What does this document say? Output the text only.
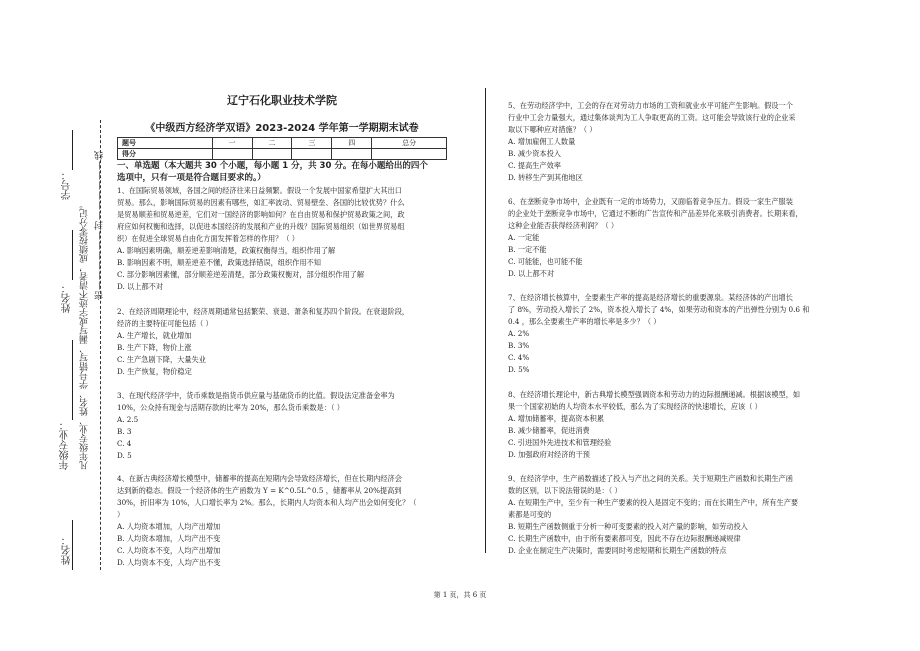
学号：
姓名：
年级专业： 凡年级专业、姓名、学号错写、漏写或字迹不清者，成绩按零分记。 密——————封——————线
姓名：
辽宁石化职业技术学院
《中级西方经济学双语》2023-2024 学年第一学期期末试卷
题号	一	二	三	四	总分
得分					
一、单选题（本大题共 30 个小题，每小题 1 分，共 30 分。在每小题给出的四个
选项中，只有一项是符合题目要求的。）

1、在国际贸易领域，各国之间的经济往来日益频繁。假设一个发展中国家希望扩大其出口

贸易。那么，影响国际贸易的因素有哪些，如汇率波动、贸易壁垒、各国的比较优势？什么

是贸易顺差和贸易逆差，它们对一国经济的影响如何？在自由贸易和保护贸易政策之间，政

府应如何权衡和选择，以促进本国经济的发展和产业的升级？国际贸易组织（如世界贸易组

织）在促进全球贸易自由化方面发挥着怎样的作用？（ ）

A. 影响因素明确，顺差逆差影响清楚，政策权衡得当，组织作用了解

B. 影响因素不明，顺差逆差不懂，政策选择错误，组织作用不知

C. 部分影响因素懂，部分顺差逆差清楚，部分政策权衡对，部分组织作用了解

D. 以上都不对

2、在经济周期理论中，经济周期通常包括繁荣、衰退、萧条和复苏四个阶段。在衰退阶段，

经济的主要特征可能包括（ ）

A. 生产增长，就业增加

B. 生产下降，物价上涨

C. 生产急剧下降，大量失业

D. 生产恢复，物价稳定

3、在现代经济学中，货币乘数是指货币供应量与基础货币的比值。假设法定准备金率为

10%，公众持有现金与活期存款的比率为 20%，那么货币乘数是：（ ）

A. 2.5

B. 3

C. 4

D. 5

4、在新古典经济增长模型中，储蓄率的提高在短期内会导致经济增长，但在长期内经济会

达到新的稳态。假设一个经济体的生产函数为 Y = K^0.5L^0.5 ，储蓄率从 20%提高到

30%，折旧率为 10%，人口增长率为 2%。那么，长期内人均资本和人均产出会如何变化？（

）

A. 人均资本增加，人均产出增加

B. 人均资本增加，人均产出不变

C. 人均资本不变，人均产出增加

D. 人均资本不变，人均产出不变

5、在劳动经济学中，工会的存在对劳动力市场的工资和就业水平可能产生影响。假设一个

行业中工会力量强大，通过集体谈判为工人争取更高的工资。这可能会导致该行业的企业采

取以下哪种应对措施？（ ）

A. 增加雇佣工人数量

B. 减少资本投入

C. 提高生产效率

D. 转移生产到其他地区

6、在垄断竞争市场中，企业既有一定的市场势力，又面临着竞争压力。假设一家生产服装

的企业处于垄断竞争市场中，它通过不断的广告宣传和产品差异化来吸引消费者。长期来看，

这种企业能否获得经济利润？（ ）

A. 一定能

B. 一定不能

C. 可能能，也可能不能

D. 以上都不对

7、在经济增长核算中，全要素生产率的提高是经济增长的重要源泉。某经济体的产出增长

了 8%，劳动投入增长了 2%，资本投入增长了 4%，如果劳动和资本的产出弹性分别为 0.6 和

0.4 ，那么全要素生产率的增长率是多少？（ ）

A. 2%

B. 3%

C. 4%

D. 5%

8、在经济增长理论中，新古典增长模型强调资本和劳动力的边际报酬递减。根据该模型，如

果一个国家初始的人均资本水平较低，那么为了实现经济的快速增长，应该（ ）

A. 增加储蓄率，提高资本积累

B. 减少储蓄率，促进消费

C. 引进国外先进技术和管理经验

D. 加强政府对经济的干预

9、在经济学中，生产函数描述了投入与产出之间的关系。关于短期生产函数和长期生产函

数的区别，以下说法错误的是：（ ）

A. 在短期生产中，至少有一种生产要素的投入是固定不变的；而在长期生产中，所有生产要

素都是可变的

B. 短期生产函数侧重于分析一种可变要素的投入对产量的影响，如劳动投入

C. 长期生产函数中，由于所有要素都可变，因此不存在边际报酬递减规律

D. 企业在制定生产决策时，需要同时考虑短期和长期生产函数的特点

第 1 页，共 6 页
